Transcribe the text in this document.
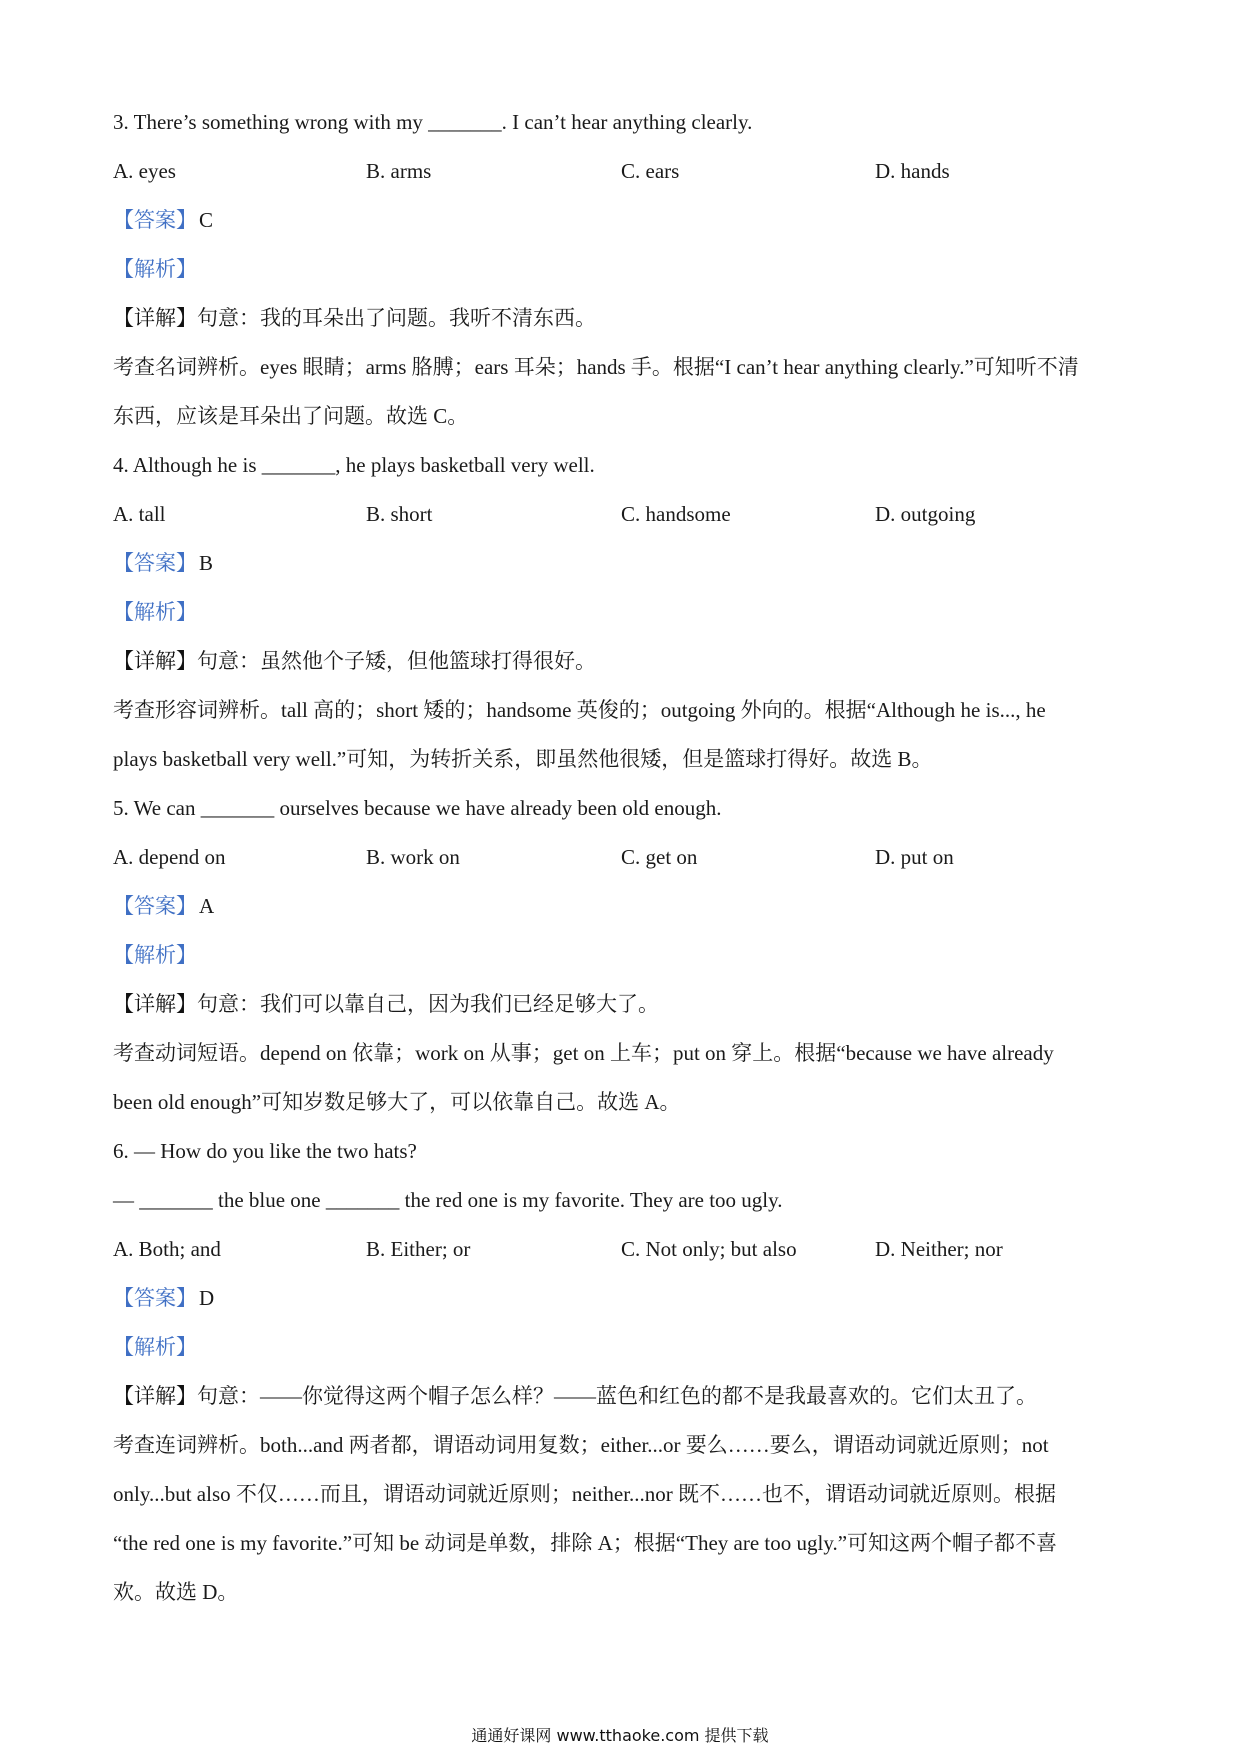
3. There’s something wrong with my _______. I can’t hear anything clearly.
A. eyes	B. arms	C. ears	D. hands
【答案】C
【解析】
【详解】句意：我的耳朵出了问题。我听不清东西。
考查名词辨析。eyes 眼睛；arms 胳膊；ears 耳朵；hands 手。根据“I can’t hear anything clearly.”可知听不清
东西，应该是耳朵出了问题。故选 C。
4. Although he is _______, he plays basketball very well.
A. tall	B. short	C. handsome	D. outgoing
【答案】B
【解析】
【详解】句意：虽然他个子矮，但他篮球打得很好。
考查形容词辨析。tall 高的；short 矮的；handsome 英俊的；outgoing 外向的。根据“Although he is..., he
plays basketball very well.”可知，为转折关系，即虽然他很矮，但是篮球打得好。故选 B。
5. We can _______ ourselves because we have already been old enough.
A. depend on	B. work on	C. get on	D. put on
【答案】A
【解析】
【详解】句意：我们可以靠自己，因为我们已经足够大了。
考查动词短语。depend on 依靠；work on 从事；get on 上车；put on 穿上。根据“because we have already
been old enough”可知岁数足够大了，可以依靠自己。故选 A。
6. — How do you like the two hats?
— _______ the blue one _______ the red one is my favorite. They are too ugly.
A. Both; and	B. Either; or	C. Not only; but also	D. Neither; nor
【答案】D
【解析】
【详解】句意：——你觉得这两个帽子怎么样？——蓝色和红色的都不是我最喜欢的。它们太丑了。
考查连词辨析。both...and 两者都，谓语动词用复数；either...or 要么……要么，谓语动词就近原则；not
only...but also 不仅……而且，谓语动词就近原则；neither...nor 既不……也不，谓语动词就近原则。根据
“the red one is my favorite.”可知 be 动词是单数，排除 A；根据“They are too ugly.”可知这两个帽子都不喜
欢。故选 D。
通通好课网 www.tthaoke.com 提供下载
